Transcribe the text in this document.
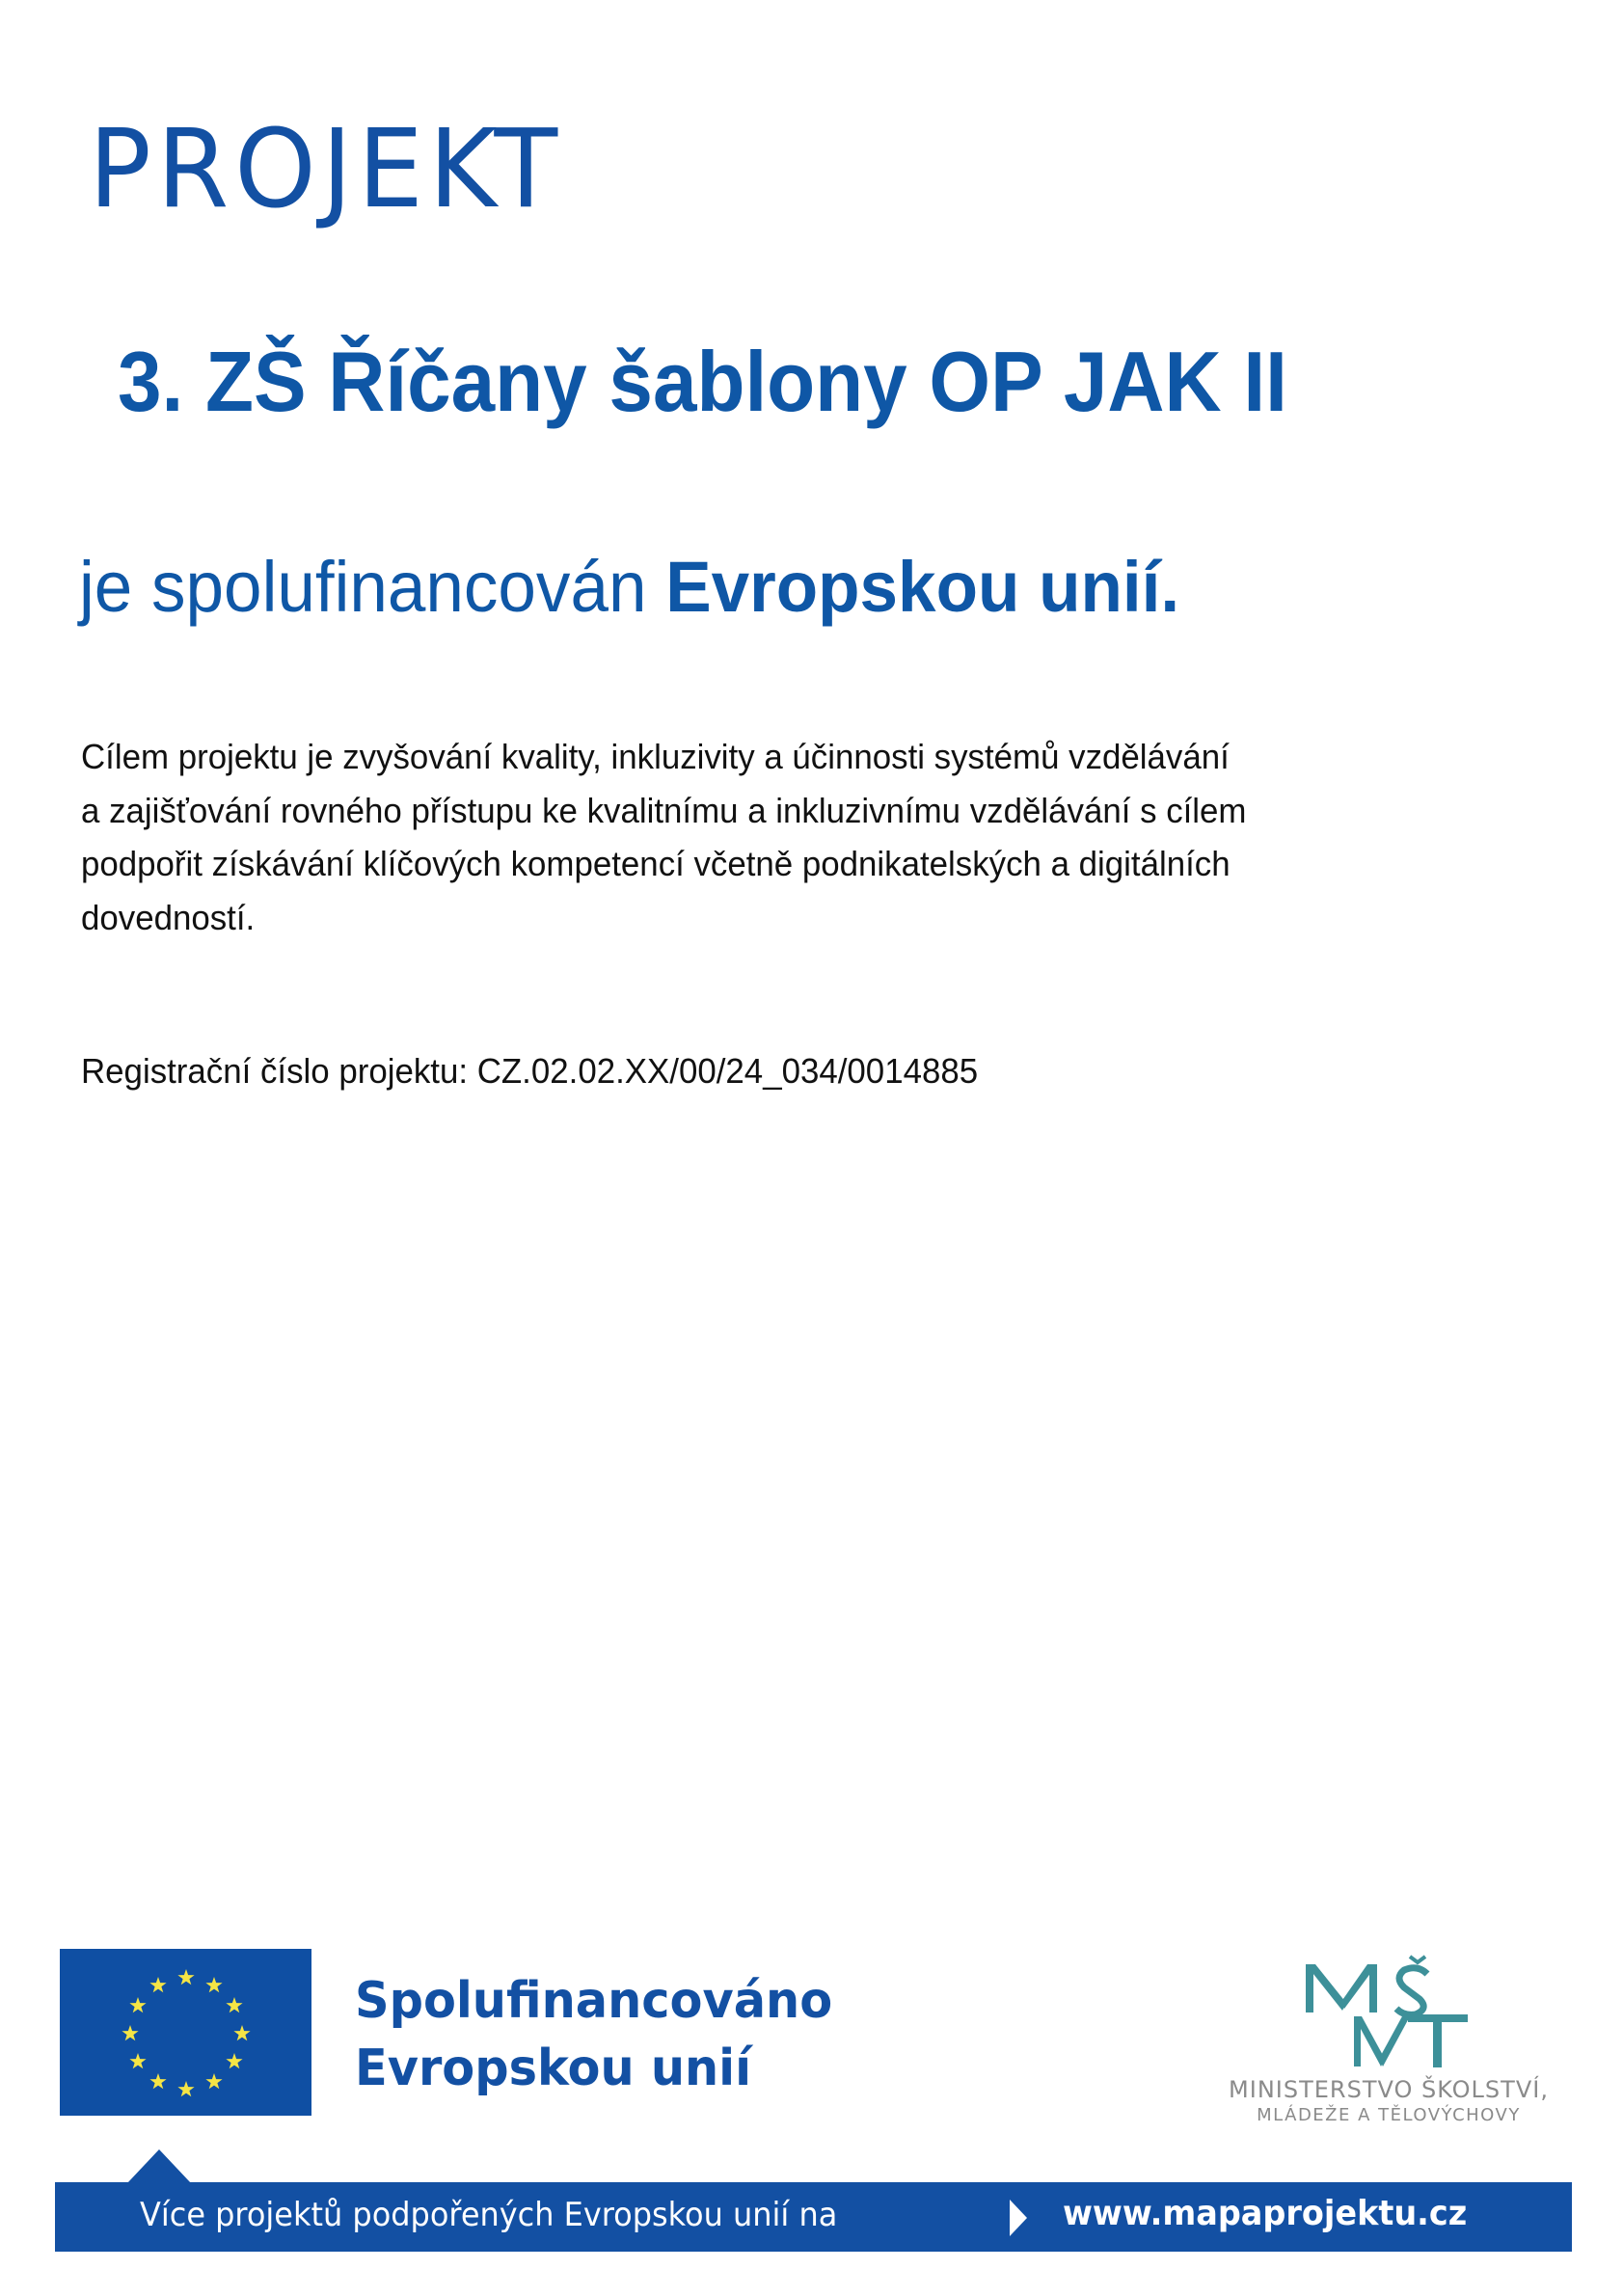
PROJEKT
3. ZŠ Říčany šablony OP JAK II
je spolufinancován Evropskou unií.
Cílem projektu je zvyšování kvality, inkluzivity a účinnosti systémů vzdělávání
a zajišťování rovného přístupu ke kvalitnímu a inkluzivnímu vzdělávání s cílem
podpořit získávání klíčových kompetencí včetně podnikatelských a digitálních
dovedností.
Registrační číslo projektu: CZ.02.02.XX/00/24_034/0014885
Spolufinancováno
Evropskou unií	MINISTERSTVO ŠKOLSTVÍ,
MLÁDEŽE A TĚLOVÝCHOVY
Více projektů podpořených Evropskou unií na	www.mapaprojektu.cz
